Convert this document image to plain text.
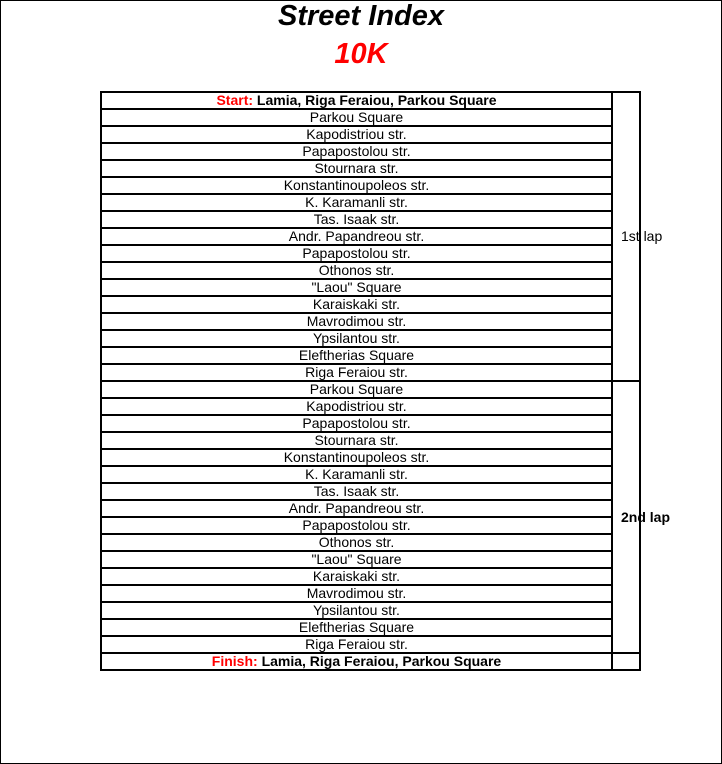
Street Index
10K
Start: Lamia, Riga Feraiou, Parkou Square	1st lap
Parkou Square	
Kapodistriou str.	
Papapostolou str.	
Stournara str.	
Konstantinoupoleos str.	
K. Karamanli str.	
Tas. Isaak str.	
Andr. Papandreou str.	
Papapostolou str.	
Othonos str.	
"Laou" Square	
Karaiskaki str.	
Mavrodimou str.	
Ypsilantou str.	
Eleftherias Square	
Riga Feraiou str.	
Parkou Square	2nd lap
Kapodistriou str.	
Papapostolou str.	
Stournara str.	
Konstantinoupoleos str.	
K. Karamanli str.	
Tas. Isaak str.	
Andr. Papandreou str.	
Papapostolou str.	
Othonos str.	
"Laou" Square	
Karaiskaki str.	
Mavrodimou str.	
Ypsilantou str.	
Eleftherias Square	
Riga Feraiou str.	
Finish: Lamia, Riga Feraiou, Parkou Square	
